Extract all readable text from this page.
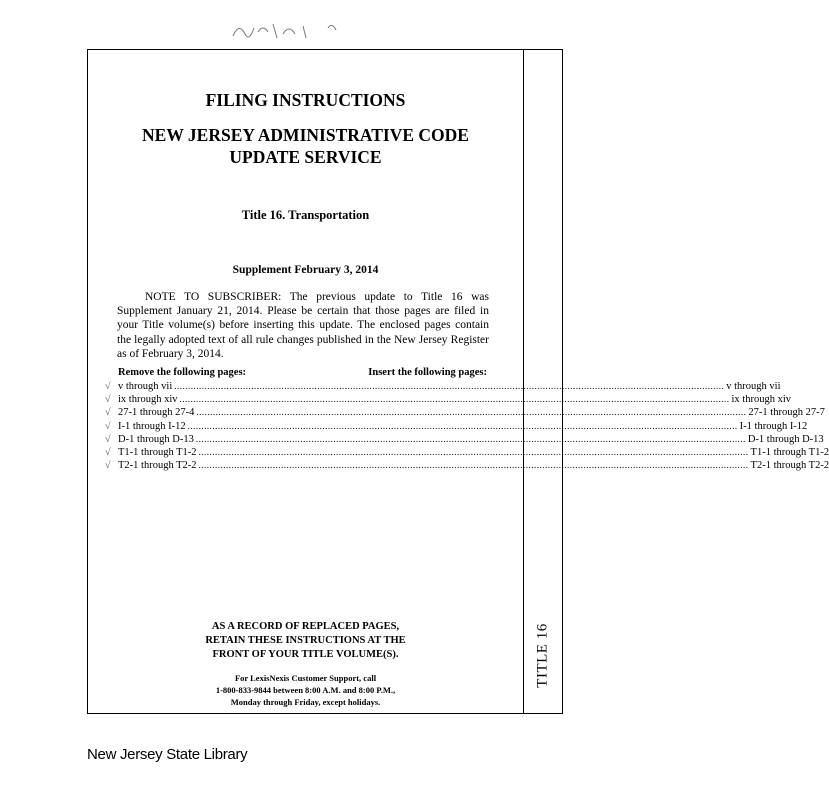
FILING INSTRUCTIONS
NEW JERSEY ADMINISTRATIVE CODE
UPDATE SERVICE
Title 16. Transportation
Supplement February 3, 2014

NOTE TO SUBSCRIBER: The previous update to Title 16 was Supplement January 21, 2014. Please be certain that those pages are filed in your Title volume(s) before inserting this update. The enclosed pages contain the legally adopted text of all rule changes published in the New Jersey Register as of February 3, 2014.

Remove the following pages:	Insert the following pages:
√ v through vii ........................................................................................................................................................................................................ v through vii
√ ix through xiv ........................................................................................................................................................................................................ ix through xiv
√ 27-1 through 27-4 ........................................................................................................................................................................................................ 27-1 through 27-7
√ I-1 through I-12 ........................................................................................................................................................................................................ I-1 through I-12
√ D-1 through D-13 ........................................................................................................................................................................................................ D-1 through D-13
√ T1-1 through T1-2 ........................................................................................................................................................................................................ T1-1 through T1-2
√ T2-1 through T2-2 ........................................................................................................................................................................................................ T2-1 through T2-2
AS A RECORD OF REPLACED PAGES,
RETAIN THESE INSTRUCTIONS AT THE
FRONT OF YOUR TITLE VOLUME(S).
For LexisNexis Customer Support, call
1-800-833-9844 between 8:00 A.M. and 8:00 P.M.,
Monday through Friday, except holidays.
TITLE 16
New Jersey State Library
